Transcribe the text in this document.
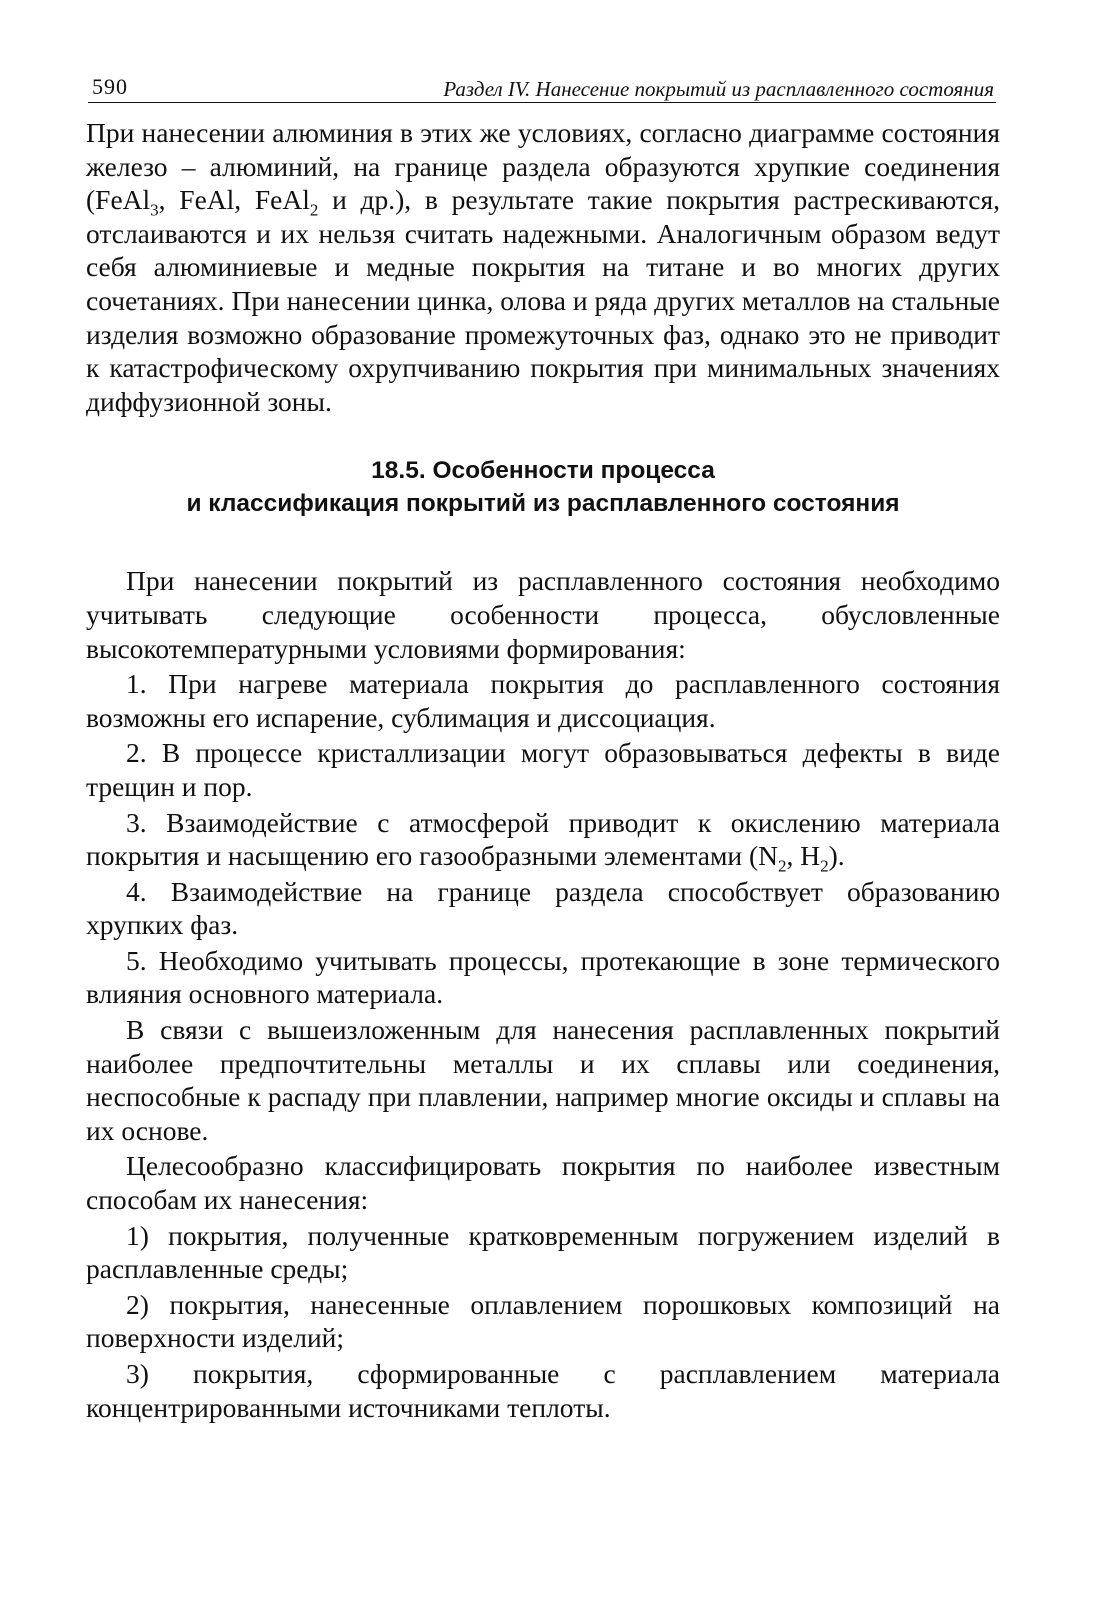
590	Раздел IV. Нанесение покрытий из расплавленного состояния

При нанесении алюминия в этих же условиях, согласно диаграмме состояния железо – алюминий, на границе раздела образуются хрупкие соединения (FeAl$_3$, FeAl, FeAl$_2$ и др.), в результате такие покрытия растрескиваются, отслаиваются и их нельзя считать надежными. Аналогичным образом ведут себя алюминиевые и медные покрытия на титане и во многих других сочетаниях. При нанесении цинка, олова и ряда других металлов на стальные изделия возможно образование промежуточных фаз, однако это не приводит к катастрофическому охрупчиванию покрытия при минимальных значениях диффузионной зоны.

18.5. Особенности процесса
и классификация покрытий из расплавленного состояния

При нанесении покрытий из расплавленного состояния необходимо учитывать следующие особенности процесса, обусловленные высокотемпературными условиями формирования:

1. При нагреве материала покрытия до расплавленного состояния возможны его испарение, сублимация и диссоциация.

2. В процессе кристаллизации могут образовываться дефекты в виде трещин и пор.

3. Взаимодействие с атмосферой приводит к окислению материала покрытия и насыщению его газообразными элементами ($N_2$, $H_2$).

4. Взаимодействие на границе раздела способствует образованию хрупких фаз.

5. Необходимо учитывать процессы, протекающие в зоне термического влияния основного материала.

В связи с вышеизложенным для нанесения расплавленных покрытий наиболее предпочтительны металлы и их сплавы или соединения, неспособные к распаду при плавлении, например многие оксиды и сплавы на их основе.

Целесообразно классифицировать покрытия по наиболее известным способам их нанесения:

1) покрытия, полученные кратковременным погружением изделий в расплавленные среды;

2) покрытия, нанесенные оплавлением порошковых композиций на поверхности изделий;

3) покрытия, сформированные с расплавлением материала концентрированными источниками теплоты.
